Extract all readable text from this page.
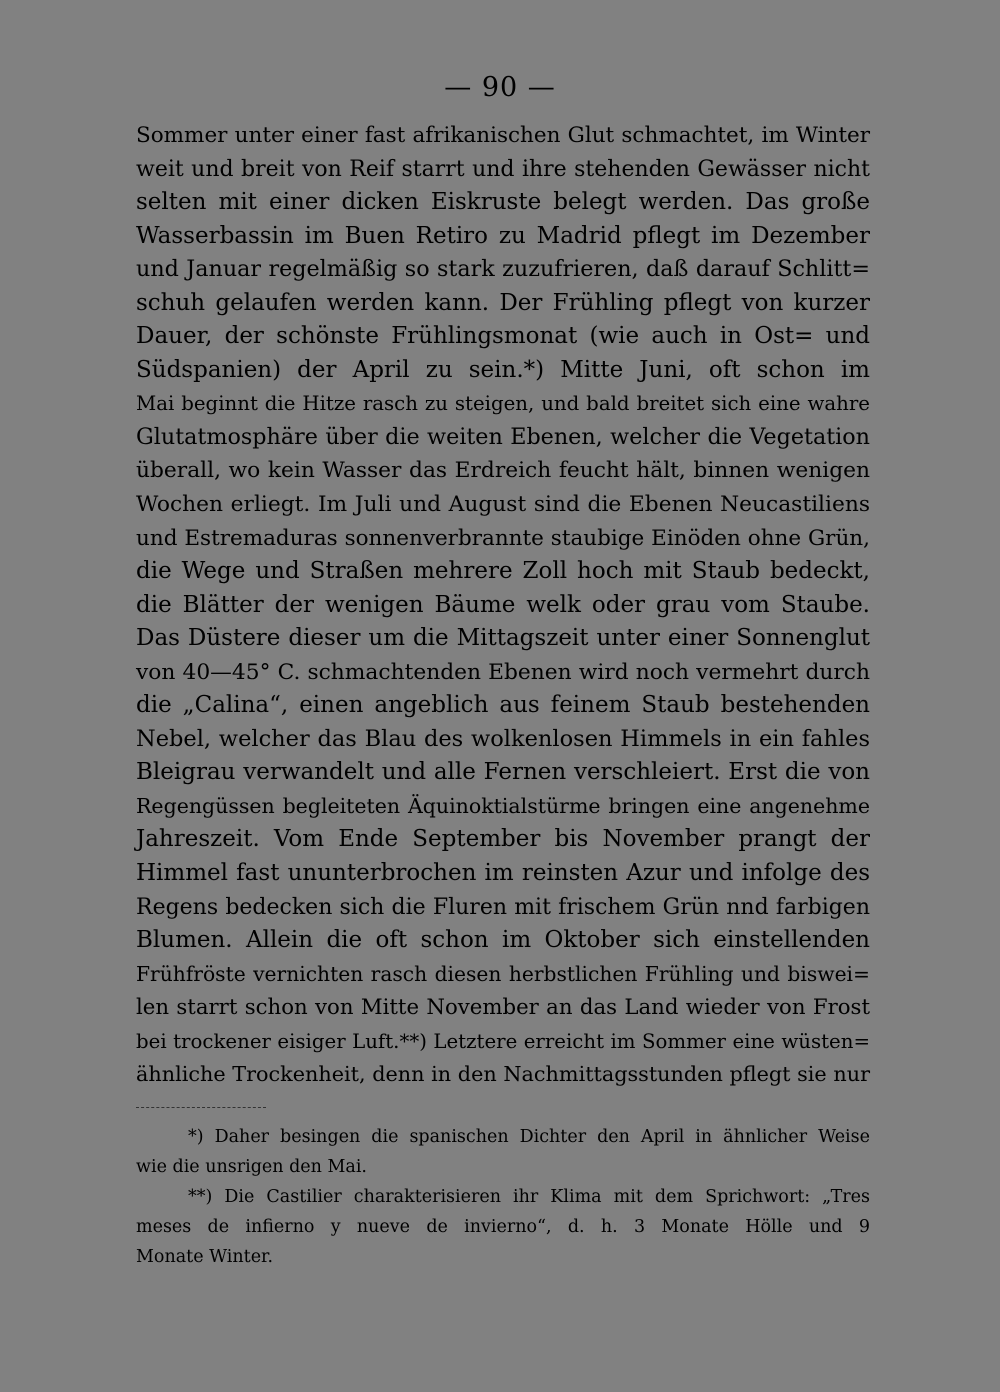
— 90 —
Sommer unter einer fast afrikanischen Glut schmachtet, im Winter
weit und breit von Reif starrt und ihre stehenden Gewässer nicht
selten mit einer dicken Eiskruste belegt werden. Das große
Wasserbassin im Buen Retiro zu Madrid pflegt im Dezember
und Januar regelmäßig so stark zuzufrieren, daß darauf Schlitt=
schuh gelaufen werden kann. Der Frühling pflegt von kurzer
Dauer, der schönste Frühlingsmonat (wie auch in Ost= und
Südspanien) der April zu sein.*) Mitte Juni, oft schon im
Mai beginnt die Hitze rasch zu steigen, und bald breitet sich eine wahre
Glutatmosphäre über die weiten Ebenen, welcher die Vegetation
überall, wo kein Wasser das Erdreich feucht hält, binnen wenigen
Wochen erliegt. Im Juli und August sind die Ebenen Neucastiliens
und Estremaduras sonnenverbrannte staubige Einöden ohne Grün,
die Wege und Straßen mehrere Zoll hoch mit Staub bedeckt,
die Blätter der wenigen Bäume welk oder grau vom Staube.
Das Düstere dieser um die Mittagszeit unter einer Sonnenglut
von 40—45° C. schmachtenden Ebenen wird noch vermehrt durch
die „Calina“, einen angeblich aus feinem Staub bestehenden
Nebel, welcher das Blau des wolkenlosen Himmels in ein fahles
Bleigrau verwandelt und alle Fernen verschleiert. Erst die von
Regengüssen begleiteten Äquinoktialstürme bringen eine angenehme
Jahreszeit. Vom Ende September bis November prangt der
Himmel fast ununterbrochen im reinsten Azur und infolge des
Regens bedecken sich die Fluren mit frischem Grün nnd farbigen
Blumen. Allein die oft schon im Oktober sich einstellenden
Frühfröste vernichten rasch diesen herbstlichen Frühling und biswei=
len starrt schon von Mitte November an das Land wieder von Frost
bei trockener eisiger Luft.**) Letztere erreicht im Sommer eine wüsten=
ähnliche Trockenheit, denn in den Nachmittagsstunden pflegt sie nur
*) Daher besingen die spanischen Dichter den April in ähnlicher Weise
wie die unsrigen den Mai.
**) Die Castilier charakterisieren ihr Klima mit dem Sprichwort: „Tres
meses de infierno y nueve de invierno“, d. h. 3 Monate Hölle und 9
Monate Winter.
